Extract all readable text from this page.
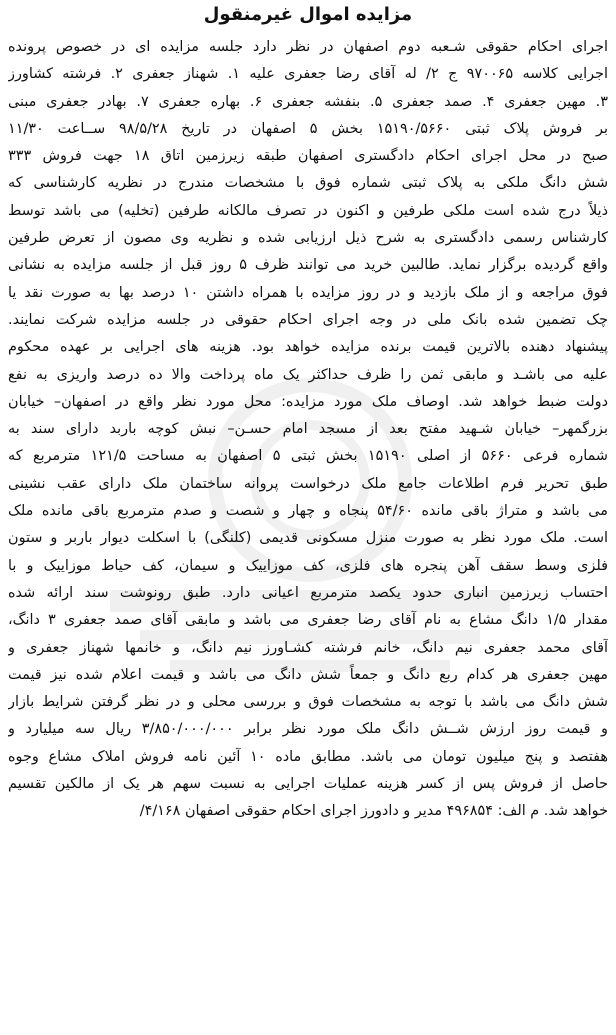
مزایده اموال غیرمنقول
اجرای احکام حقوقی شـعبه دوم اصفهان در نظر دارد جلسه مزایده ای در خصوص پرونده
اجرایی کلاسه ۹۷۰۰۶۵ ج ۲/ له آقای رضا جعفری علیه ۱. شهناز جعفری ۲. فرشته کشاورز
۳. مهین جعفری ۴. صمد جعفری ۵. بنفشه جعفری ۶. بهاره جعفری ۷. بهادر جعفری مبنی
بر فروش پلاک ثبتی ۱۵۱۹۰/۵۶۶۰ بخش ۵ اصفهان در تاریخ ۹۸/۵/۲۸ ســاعت ۱۱/۳۰
صبح در محل اجرای احکام دادگستری اصفهان طبقه زیرزمین اتاق ۱۸ جهت فروش ۳۳۳
شش دانگ ملکی به پلاک ثبتی شماره فوق با مشخصات مندرج در نظریه کارشناسی که
ذیلاً درج شده است ملکی طرفین و اکنون در تصرف مالکانه طرفین (تخلیه) می باشد توسط
کارشناس رسمی دادگستری به شرح ذیل ارزیابی شده و نظریه وی مصون از تعرض طرفین
واقع گردیده برگزار نماید. طالبین خرید می توانند ظرف ۵ روز قبل از جلسه مزایده به نشانی
فوق مراجعه و از ملک بازدید و در روز مزایده با همراه داشتن ۱۰ درصد بها به صورت نقد یا
چک تضمین شده بانک ملی در وجه اجرای احکام حقوقی در جلسه مزایده شرکت نمایند.
پیشنهاد دهنده بالاترین قیمت برنده مزایده خواهد بود. هزینه های اجرایی بر عهده محکوم
علیه می باشـد و مابقی ثمن را ظرف حداکثر یک ماه پرداخت والا ده درصد واریزی به نفع
دولت ضبط خواهد شد. اوصاف ملک مورد مزایده: محل مورد نظر واقع در اصفهان– خیابان
بزرگمهر– خیابان شـهید مفتح بعد از مسجد امام حسـن– نبش کوچه باربد دارای سند به
شماره فرعی ۵۶۶۰ از اصلی ۱۵۱۹۰ بخش ثبتی ۵ اصفهان به مساحت ۱۲۱/۵ مترمربع که
طبق تحریر فرم اطلاعات جامع ملک درخواست پروانه ساختمان ملک دارای عقب نشینی
می باشد و متراژ باقی مانده ۵۴/۶۰ پنجاه و چهار و شصت و صدم مترمربع باقی مانده ملک
است. ملک مورد نظر به صورت منزل مسکونی قدیمی (کلنگی) با اسکلت دیوار باربر و ستون
فلزی وسط سقف آهن پنجره های فلزی، کف موزاییک و سیمان، کف حیاط موزاییک و با
احتساب زیرزمین انباری حدود یکصد مترمربع اعیانی دارد. طبق رونوشت سند ارائه شده
مقدار ۱/۵ دانگ مشاع به نام آقای رضا جعفری می باشد و مابقی آقای صمد جعفری ۳ دانگ،
آقای محمد جعفری نیم دانگ، خانم فرشته کشـاورز نیم دانگ، و خانمها شهناز جعفری و
مهین جعفری هر کدام ربع دانگ و جمعاً شش دانگ می باشد و قیمت اعلام شده نیز قیمت
شش دانگ می باشد با توجه به مشخصات فوق و بررسی محلی و در نظر گرفتن شرایط بازار
و قیمت روز ارزش شــش دانگ ملک مورد نظر برابر ۳/۸۵۰/۰۰۰/۰۰۰ ریال سه میلیارد و
هفتصد و پنج میلیون تومان می باشد. مطابق ماده ۱۰ آئین نامه فروش املاک مشاع وجوه
حاصل از فروش پس از کسر هزینه عملیات اجرایی به نسبت سهم هر یک از مالکین تقسیم
خواهد شد. م الف: ۴۹۶۸۵۴ مدیر و دادورز اجرای احکام حقوقی اصفهان ۴/۱۶۸/
